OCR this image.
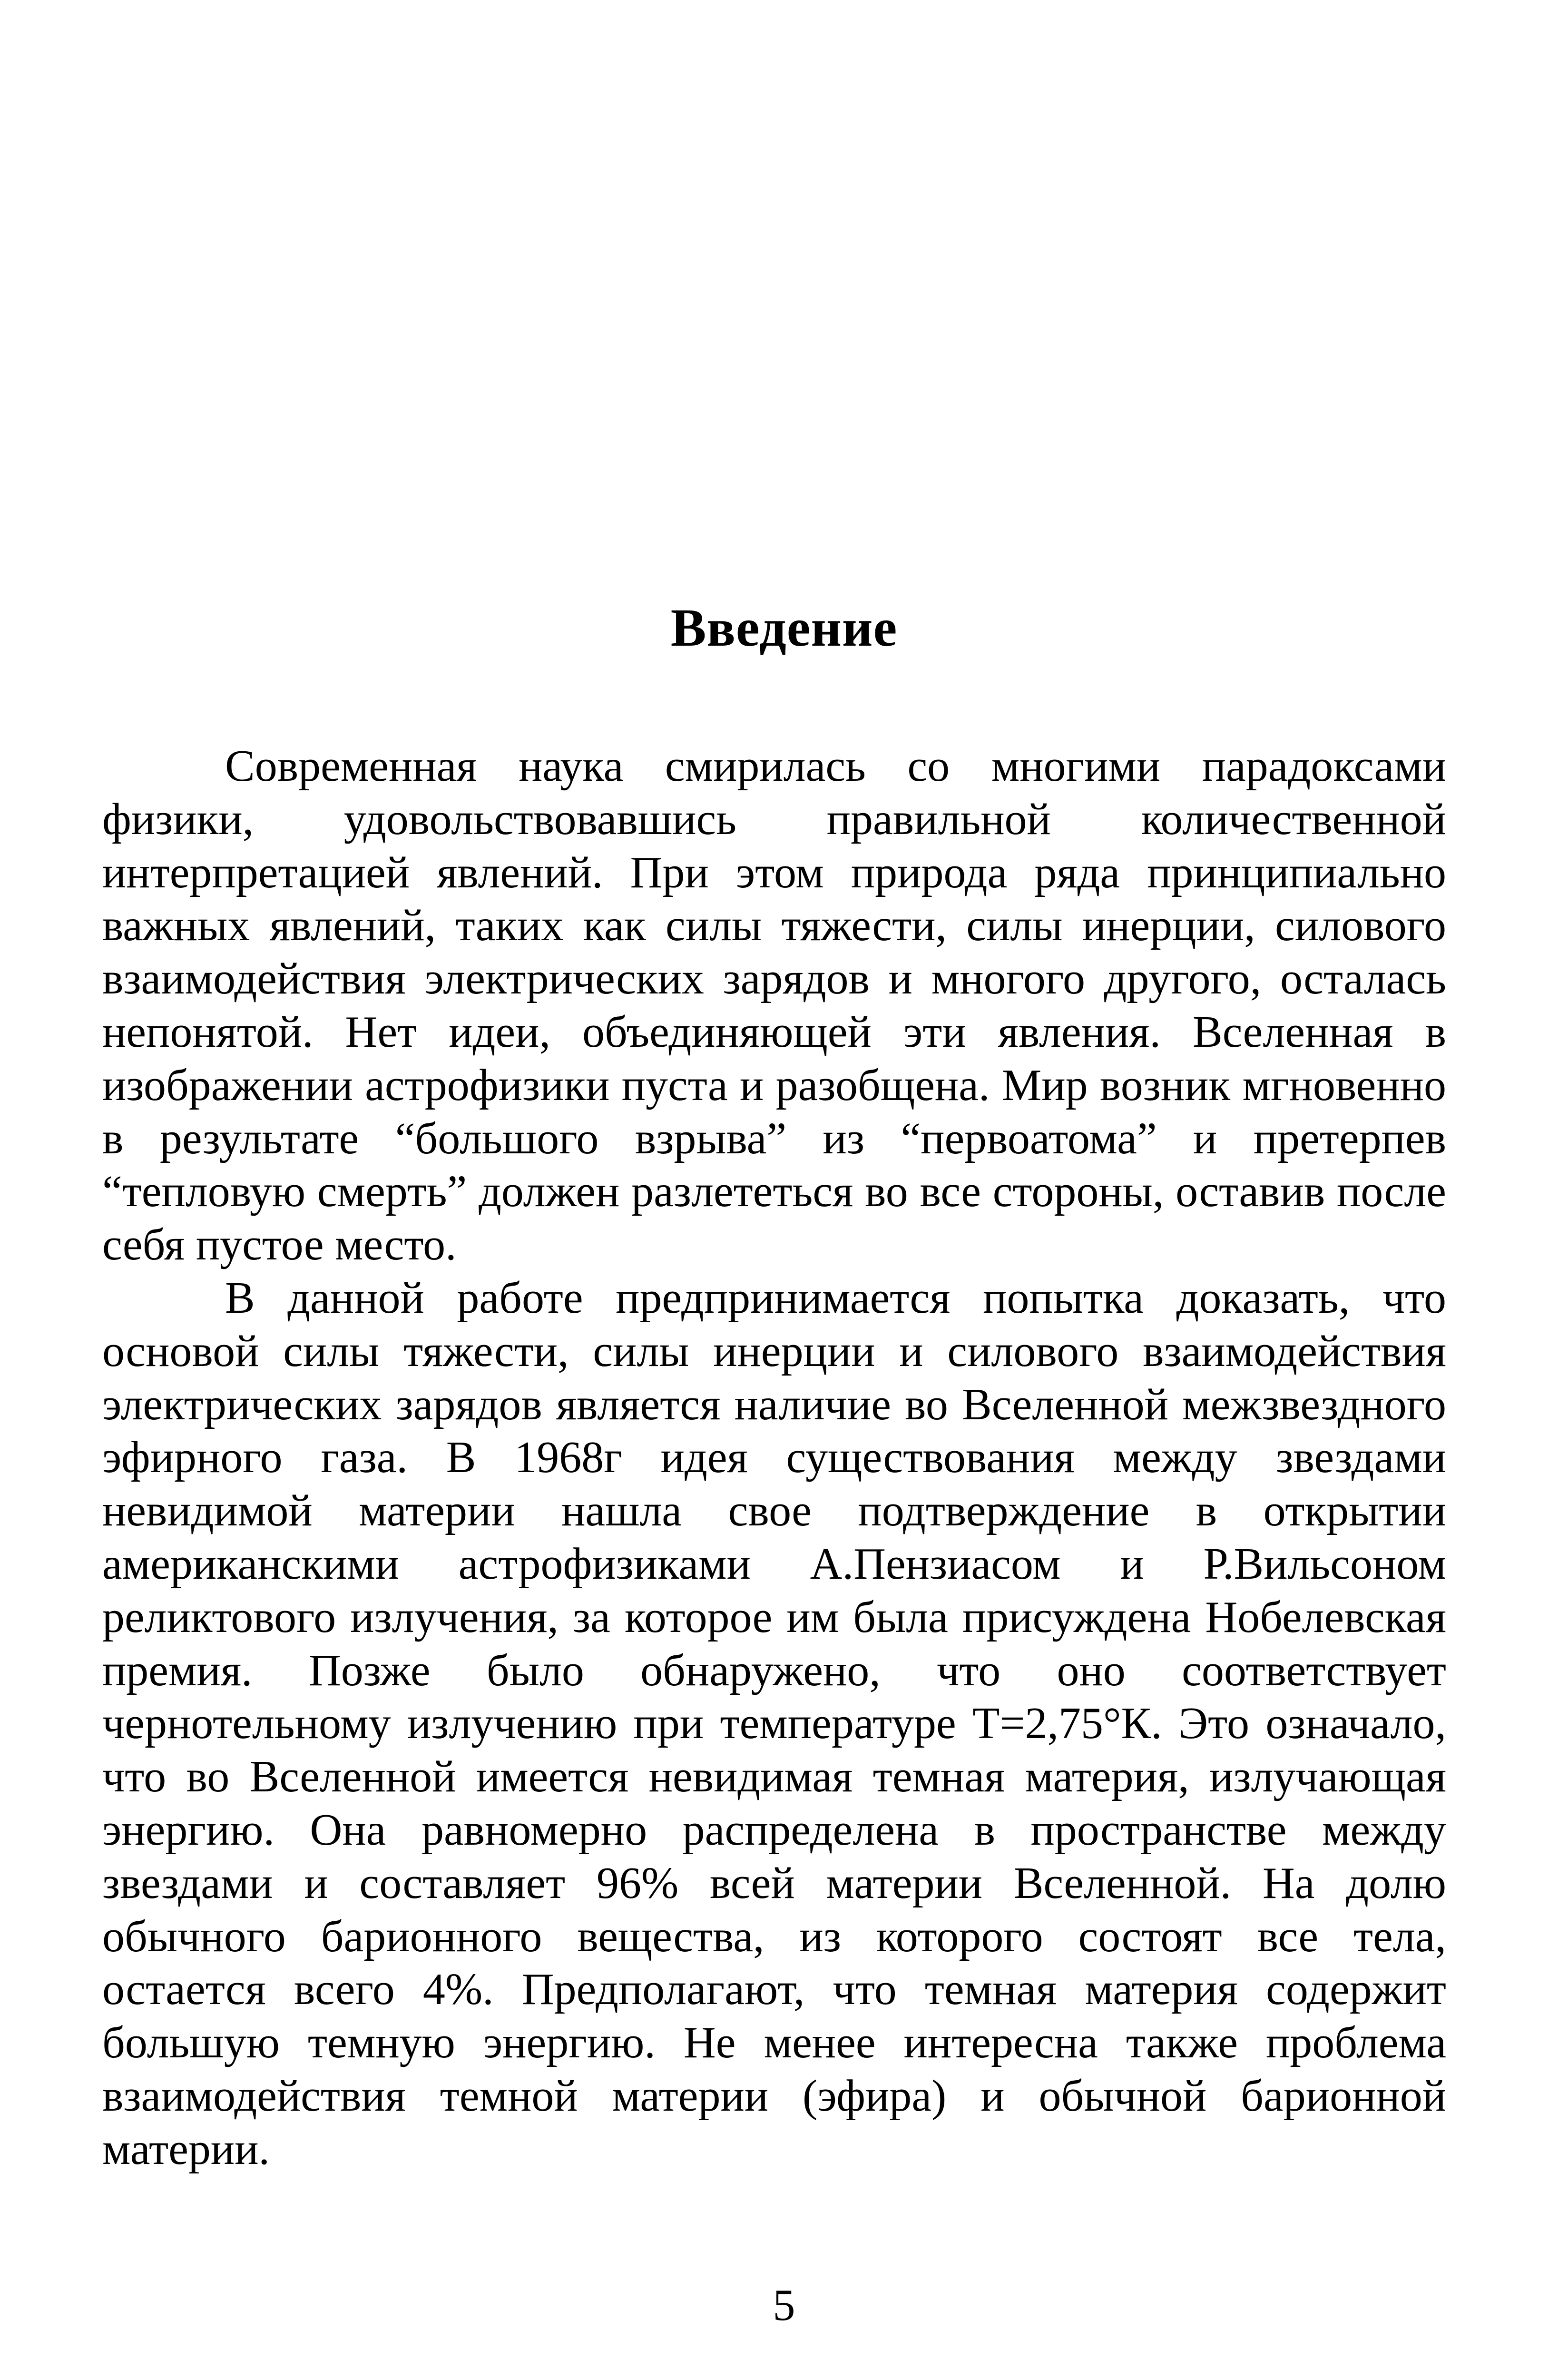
Введение

Современная наука смирилась со многими парадоксами физики, удовольствовавшись правильной количественной интерпретацией явлений. При этом природа ряда принципиально важных явлений, таких как силы тяжести, силы инерции, силового взаимодействия электрических зарядов и многого другого, осталась непонятой. Нет идеи, объединяющей эти явления. Вселенная в изображении астрофизики пуста и разобщена. Мир возник мгновенно в результате “большого взрыва” из “первоатома” и претерпев “тепловую смерть” должен разлететься во все стороны, оставив после себя пустое место.

В данной работе предпринимается попытка доказать, что основой силы тяжести, силы инерции и силового взаимодействия электрических зарядов является наличие во Вселенной межзвездного эфирного газа. В 1968г идея существования между звездами невидимой материи нашла свое подтверждение в открытии американскими астрофизиками А.Пензиасом и Р.Вильсоном реликтового излучения, за которое им была присуждена Нобелевская премия. Позже было обнаружено, что оно соответствует чернотельному излучению при температуре Т=2,75°К. Это означало, что во Вселенной имеется невидимая темная материя, излучающая энергию. Она равномерно распределена в пространстве между звездами и составляет 96% всей материи Вселенной. На долю обычного барионного вещества, из которого состоят все тела, остается всего 4%. Предполагают, что темная материя содержит большую темную энергию. Не менее интересна также проблема взаимодействия темной материи (эфира) и обычной барионной материи.

5
